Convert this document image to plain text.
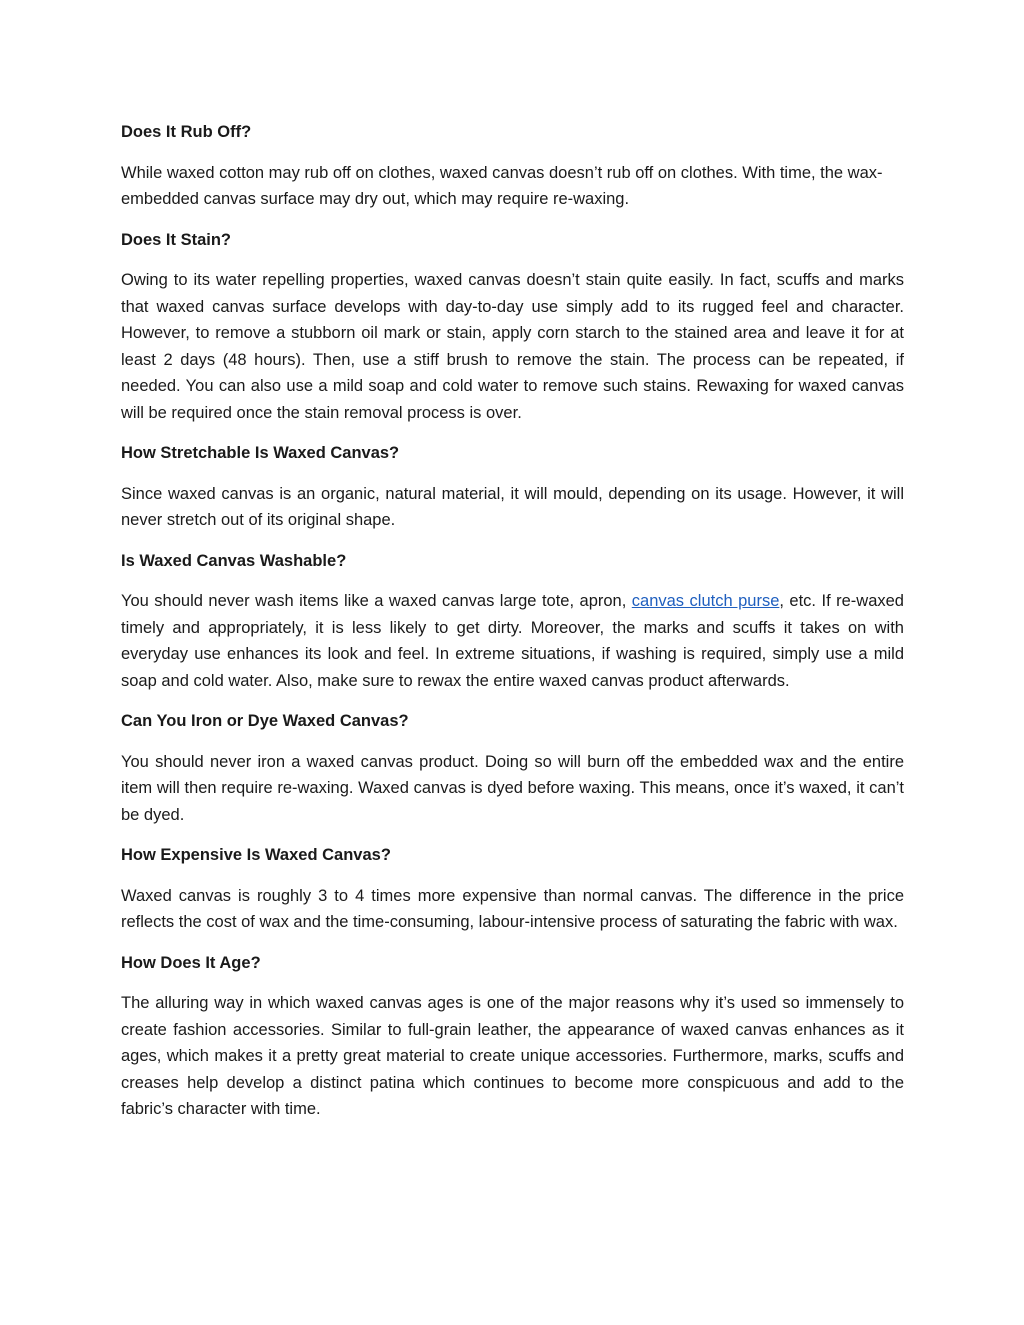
Does It Rub Off?

While waxed cotton may rub off on clothes, waxed canvas doesn’t rub off on clothes. With time, the wax-embedded canvas surface may dry out, which may require re-waxing.

Does It Stain?

Owing to its water repelling properties, waxed canvas doesn’t stain quite easily. In fact, scuffs and marks that waxed canvas surface develops with day-to-day use simply add to its rugged feel and character. However, to remove a stubborn oil mark or stain, apply corn starch to the stained area and leave it for at least 2 days (48 hours). Then, use a stiff brush to remove the stain. The process can be repeated, if needed. You can also use a mild soap and cold water to remove such stains. Rewaxing for waxed canvas will be required once the stain removal process is over.

How Stretchable Is Waxed Canvas?

Since waxed canvas is an organic, natural material, it will mould, depending on its usage. However, it will never stretch out of its original shape.

Is Waxed Canvas Washable?

You should never wash items like a waxed canvas large tote, apron, canvas clutch purse, etc. If re-waxed timely and appropriately, it is less likely to get dirty. Moreover, the marks and scuffs it takes on with everyday use enhances its look and feel. In extreme situations, if washing is required, simply use a mild soap and cold water. Also, make sure to rewax the entire waxed canvas product afterwards.

Can You Iron or Dye Waxed Canvas?

You should never iron a waxed canvas product. Doing so will burn off the embedded wax and the entire item will then require re-waxing. Waxed canvas is dyed before waxing. This means, once it’s waxed, it can’t be dyed.

How Expensive Is Waxed Canvas?

Waxed canvas is roughly 3 to 4 times more expensive than normal canvas. The difference in the price reflects the cost of wax and the time-consuming, labour-intensive process of saturating the fabric with wax.

How Does It Age?

The alluring way in which waxed canvas ages is one of the major reasons why it’s used so immensely to create fashion accessories. Similar to full-grain leather, the appearance of waxed canvas enhances as it ages, which makes it a pretty great material to create unique accessories. Furthermore, marks, scuffs and creases help develop a distinct patina which continues to become more conspicuous and add to the fabric’s character with time.
